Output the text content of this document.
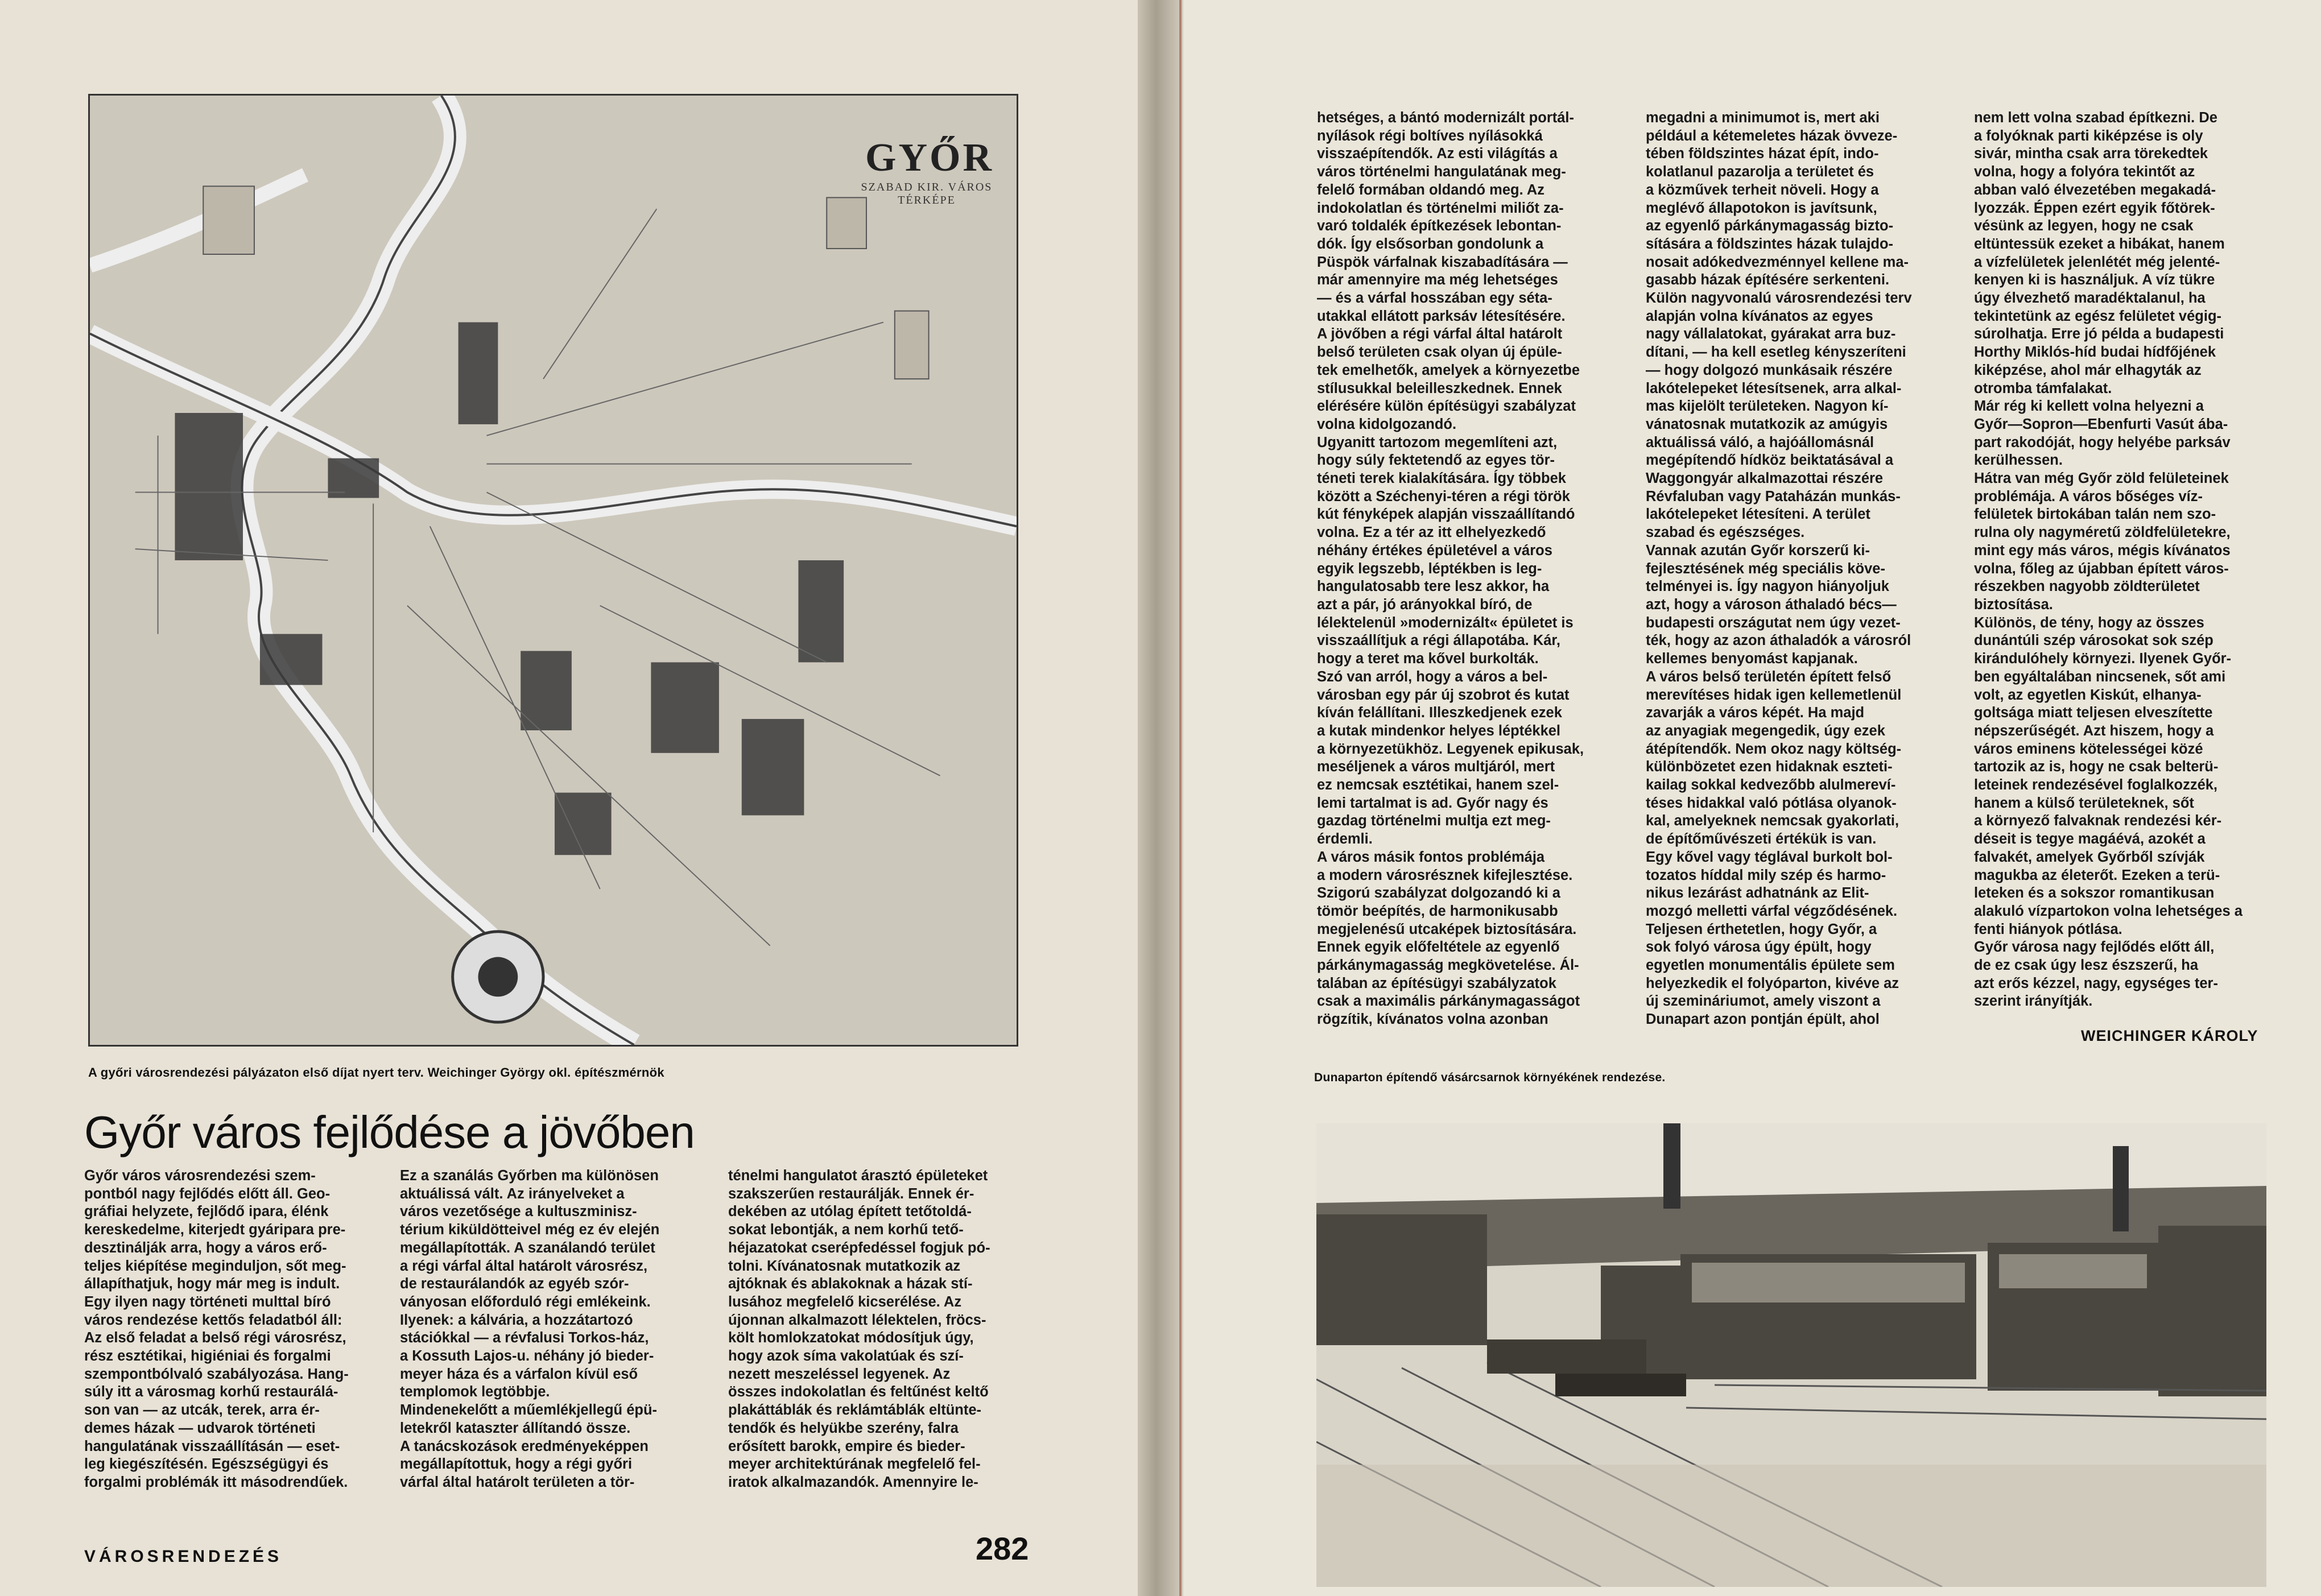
GYŐR
SZABAD KIR. VÁROS TÉRKÉPE
A győri városrendezési pályázaton első díjat nyert terv. Weichinger György okl. építészmérnök
Győr város fejlődése a jövőben
Győr város városrendezési szem-
pontból nagy fejlődés előtt áll. Geo-
gráfiai helyzete, fejlődő ipara, élénk
kereskedelme, kiterjedt gyáripara pre-
desztinálják arra, hogy a város erő-
teljes kiépítése meginduljon, sőt meg-
állapíthatjuk, hogy már meg is indult.
Egy ilyen nagy történeti multtal bíró
város rendezése kettős feladatból áll:
Az első feladat a belső régi városrész,
rész esztétikai, higiéniai és forgalmi
szempontbólvaló szabályozása. Hang-
súly itt a városmag korhű restaurálá-
son van — az utcák, terek, arra ér-
demes házak — udvarok történeti
hangulatának visszaállításán — eset-
leg kiegészítésén. Egészségügyi és
forgalmi problémák itt másodrendűek.
Ez a szanálás Győrben ma különösen
aktuálissá vált. Az irányelveket a
város vezetősége a kultuszminisz-
térium kiküldötteivel még ez év elején
megállapították. A szanálandó terület
a régi várfal által határolt városrész,
de restaurálandók az egyéb szór-
ványosan előforduló régi emlékeink.
Ilyenek: a kálvária, a hozzátartozó
stációkkal — a révfalusi Torkos-ház,
a Kossuth Lajos-u. néhány jó bieder-
meyer háza és a várfalon kívül eső
templomok legtöbbje.
Mindenekelőtt a műemlékjellegű épü-
letekről kataszter állítandó össze.
A tanácskozások eredményeképpen
megállapítottuk, hogy a régi győri
várfal által határolt területen a tör-
ténelmi hangulatot árasztó épületeket
szakszerűen restaurálják. Ennek ér-
dekében az utólag épített tetőtoldá-
sokat lebontják, a nem korhű tető-
héjazatokat cserépfedéssel fogjuk pó-
tolni. Kívánatosnak mutatkozik az
ajtóknak és ablakoknak a házak stí-
lusához megfelelő kicserélése. Az
újonnan alkalmazott lélektelen, fröcs-
költ homlokzatokat módosítjuk úgy,
hogy azok síma vakolatúak és szí-
nezett meszeléssel legyenek. Az
összes indokolatlan és feltűnést keltő
plakáttáblák és reklámtáblák eltünte-
tendők és helyükbe szerény, falra
erősített barokk, empire és bieder-
meyer architektúrának megfelelő fel-
iratok alkalmazandók. Amennyire le-
VÁROSRENDEZÉS	282
hetséges, a bántó modernizált portál-
nyílások régi boltíves nyílásokká
visszaépítendők. Az esti világítás a
város történelmi hangulatának meg-
felelő formában oldandó meg. Az
indokolatlan és történelmi miliőt za-
varó toldalék építkezések lebontan-
dók. Így elsősorban gondolunk a
Püspök várfalnak kiszabadítására —
már amennyire ma még lehetséges
— és a várfal hosszában egy séta-
utakkal ellátott parksáv létesítésére.
A jövőben a régi várfal által határolt
belső területen csak olyan új épüle-
tek emelhetők, amelyek a környezetbe
stílusukkal beleilleszkednek. Ennek
elérésére külön építésügyi szabályzat
volna kidolgozandó.
Ugyanitt tartozom megemlíteni azt,
hogy súly fektetendő az egyes tör-
téneti terek kialakítására. Így többek
között a Széchenyi-téren a régi török
kút fényképek alapján visszaállítandó
volna. Ez a tér az itt elhelyezkedő
néhány értékes épületével a város
egyik legszebb, léptékben is leg-
hangulatosabb tere lesz akkor, ha
azt a pár, jó arányokkal bíró, de
lélektelenül »modernizált« épületet is
visszaállítjuk a régi állapotába. Kár,
hogy a teret ma kővel burkolták.
Szó van arról, hogy a város a bel-
városban egy pár új szobrot és kutat
kíván felállítani. Illeszkedjenek ezek
a kutak mindenkor helyes léptékkel
a környezetükhöz. Legyenek epikusak,
meséljenek a város multjáról, mert
ez nemcsak esztétikai, hanem szel-
lemi tartalmat is ad. Győr nagy és
gazdag történelmi multja ezt meg-
érdemli.
A város másik fontos problémája
a modern városrésznek kifejlesztése.
Szigorú szabályzat dolgozandó ki a
tömör beépítés, de harmonikusabb
megjelenésű utcaképek biztosítására.
Ennek egyik előfeltétele az egyenlő
párkánymagasság megkövetelése. Ál-
talában az építésügyi szabályzatok
csak a maximális párkánymagasságot
rögzítik, kívánatos volna azonban
megadni a minimumot is, mert aki
például a kétemeletes házak övveze-
tében földszintes házat épít, indo-
kolatlanul pazarolja a területet és
a közművek terheit növeli. Hogy a
meglévő állapotokon is javítsunk,
az egyenlő párkánymagasság bizto-
sítására a földszintes házak tulajdo-
nosait adókedvezménnyel kellene ma-
gasabb házak építésére serkenteni.
Külön nagyvonalú városrendezési terv
alapján volna kívánatos az egyes
nagy vállalatokat, gyárakat arra buz-
dítani, — ha kell esetleg kényszeríteni
— hogy dolgozó munkásaik részére
lakótelepeket létesítsenek, arra alkal-
mas kijelölt területeken. Nagyon kí-
vánatosnak mutatkozik az amúgyis
aktuálissá váló, a hajóállomásnál
megépítendő hídköz beiktatásával a
Waggongyár alkalmazottai részére
Révfaluban vagy Pataházán munkás-
lakótelepeket létesíteni. A terület
szabad és egészséges.
Vannak azután Győr korszerű ki-
fejlesztésének még speciális köve-
telményei is. Így nagyon hiányoljuk
azt, hogy a városon áthaladó bécs—
budapesti országutat nem úgy vezet-
ték, hogy az azon áthaladók a városról
kellemes benyomást kapjanak.
A város belső területén épített felső
merevítéses hidak igen kellemetlenül
zavarják a város képét. Ha majd
az anyagiak megengedik, úgy ezek
átépítendők. Nem okoz nagy költség-
különbözetet ezen hidaknak eszteti-
kailag sokkal kedvezőbb alulmereví-
téses hidakkal való pótlása olyanok-
kal, amelyeknek nemcsak gyakorlati,
de építőművészeti értékük is van.
Egy kővel vagy téglával burkolt bol-
tozatos híddal mily szép és harmo-
nikus lezárást adhatnánk az Elit-
mozgó melletti várfal végződésének.
Teljesen érthetetlen, hogy Győr, a
sok folyó városa úgy épült, hogy
egyetlen monumentális épülete sem
helyezkedik el folyóparton, kivéve az
új szemináriumot, amely viszont a
Dunapart azon pontján épült, ahol
nem lett volna szabad építkezni. De
a folyóknak parti kiképzése is oly
sivár, mintha csak arra törekedtek
volna, hogy a folyóra tekintőt az
abban való élvezetében megakadá-
lyozzák. Éppen ezért egyik főtörek-
vésünk az legyen, hogy ne csak
eltüntessük ezeket a hibákat, hanem
a vízfelületek jelenlétét még jelenté-
kenyen ki is használjuk. A víz tükre
úgy élvezhető maradéktalanul, ha
tekintetünk az egész felületet végig-
súrolhatja. Erre jó példa a budapesti
Horthy Miklós-híd budai hídfőjének
kiképzése, ahol már elhagyták az
otromba támfalakat.
Már rég ki kellett volna helyezni a
Győr—Sopron—Ebenfurti Vasút ába-
part rakodóját, hogy helyébe parksáv
kerülhessen.
Hátra van még Győr zöld felületeinek
problémája. A város bőséges víz-
felületek birtokában talán nem szo-
rulna oly nagyméretű zöldfelületekre,
mint egy más város, mégis kívánatos
volna, főleg az újabban épített város-
részekben nagyobb zöldterületet
biztosítása.
Különös, de tény, hogy az összes
dunántúli szép városokat sok szép
kirándulóhely környezi. Ilyenek Győr-
ben egyáltalában nincsenek, sőt ami
volt, az egyetlen Kiskút, elhanya-
goltsága miatt teljesen elveszítette
népszerűségét. Azt hiszem, hogy a
város eminens kötelességei közé
tartozik az is, hogy ne csak belterü-
leteinek rendezésével foglalkozzék,
hanem a külső területeknek, sőt
a környező falvaknak rendezési kér-
déseit is tegye magáévá, azokét a
falvakét, amelyek Győrből szívják
magukba az életerőt. Ezeken a terü-
leteken és a sokszor romantikusan
alakuló vízpartokon volna lehetséges a
fenti hiányok pótlása.
Győr városa nagy fejlődés előtt áll,
de ez csak úgy lesz észszerű, ha
azt erős kézzel, nagy, egységes ter-
szerint irányítják.
WEICHINGER KÁROLY
Dunaparton építendő vásárcsarnok környékének rendezése.
